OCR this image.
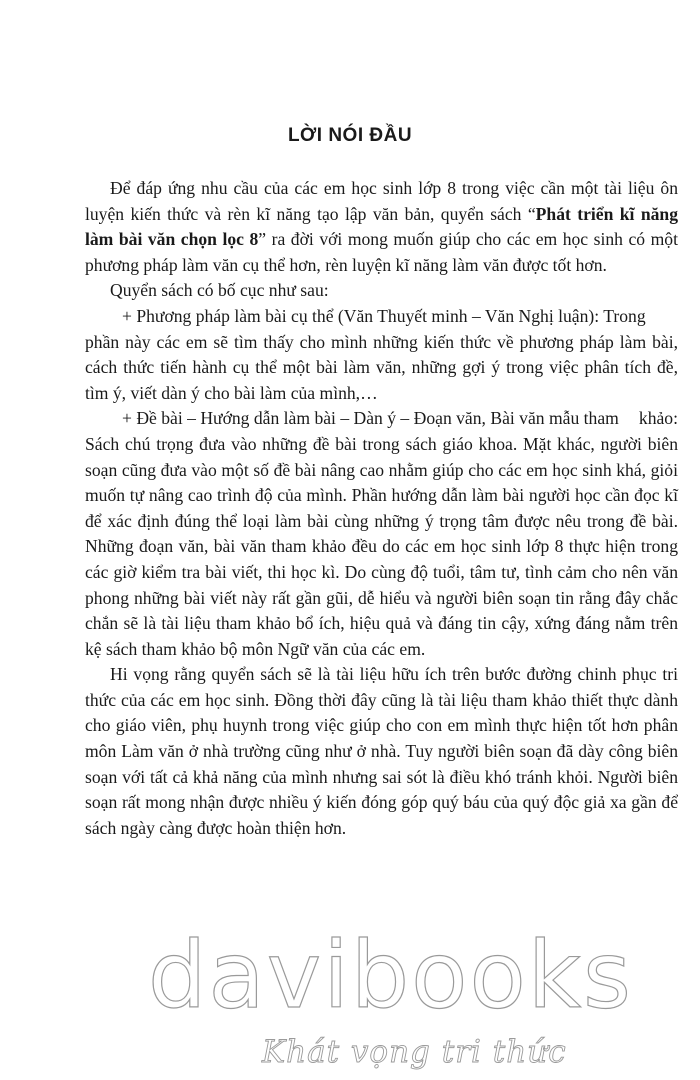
LỜI NÓI ĐẦU

Để đáp ứng nhu cầu của các em học sinh lớp 8 trong việc cần một tài liệu ôn luyện kiến thức và rèn kĩ năng tạo lập văn bản, quyển sách “Phát triển kĩ năng làm bài văn chọn lọc 8” ra đời với mong muốn giúp cho các em học sinh có một phương pháp làm văn cụ thể hơn, rèn luyện kĩ năng làm văn được tốt hơn.

Quyển sách có bố cục như sau:

+ Phương pháp làm bài cụ thể (Văn Thuyết minh – Văn Nghị luận): Trong phần này các em sẽ tìm thấy cho mình những kiến thức về phương pháp làm bài, cách thức tiến hành cụ thể một bài làm văn, những gợi ý trong việc phân tích đề, tìm ý, viết dàn ý cho bài làm của mình,…

+ Đề bài – Hướng dẫn làm bài – Dàn ý – Đoạn văn, Bài văn mẫu tham khảo: Sách chú trọng đưa vào những đề bài trong sách giáo khoa. Mặt khác, người biên soạn cũng đưa vào một số đề bài nâng cao nhằm giúp cho các em học sinh khá, giỏi muốn tự nâng cao trình độ của mình. Phần hướng dẫn làm bài người học cần đọc kĩ để xác định đúng thể loại làm bài cùng những ý trọng tâm được nêu trong đề bài. Những đoạn văn, bài văn tham khảo đều do các em học sinh lớp 8 thực hiện trong các giờ kiểm tra bài viết, thi học kì. Do cùng độ tuổi, tâm tư, tình cảm cho nên văn phong những bài viết này rất gần gũi, dễ hiểu và người biên soạn tin rằng đây chắc chắn sẽ là tài liệu tham khảo bổ ích, hiệu quả và đáng tin cậy, xứng đáng nằm trên kệ sách tham khảo bộ môn Ngữ văn của các em.

Hi vọng rằng quyển sách sẽ là tài liệu hữu ích trên bước đường chinh phục tri thức của các em học sinh. Đồng thời đây cũng là tài liệu tham khảo thiết thực dành cho giáo viên, phụ huynh trong việc giúp cho con em mình thực hiện tốt hơn phân môn Làm văn ở nhà trường cũng như ở nhà. Tuy người biên soạn đã dày công biên soạn với tất cả khả năng của mình nhưng sai sót là điều khó tránh khỏi. Người biên soạn rất mong nhận được nhiều ý kiến đóng góp quý báu của quý độc giả xa gần để sách ngày càng được hoàn thiện hơn.

davibooks
Khát vọng tri thức
